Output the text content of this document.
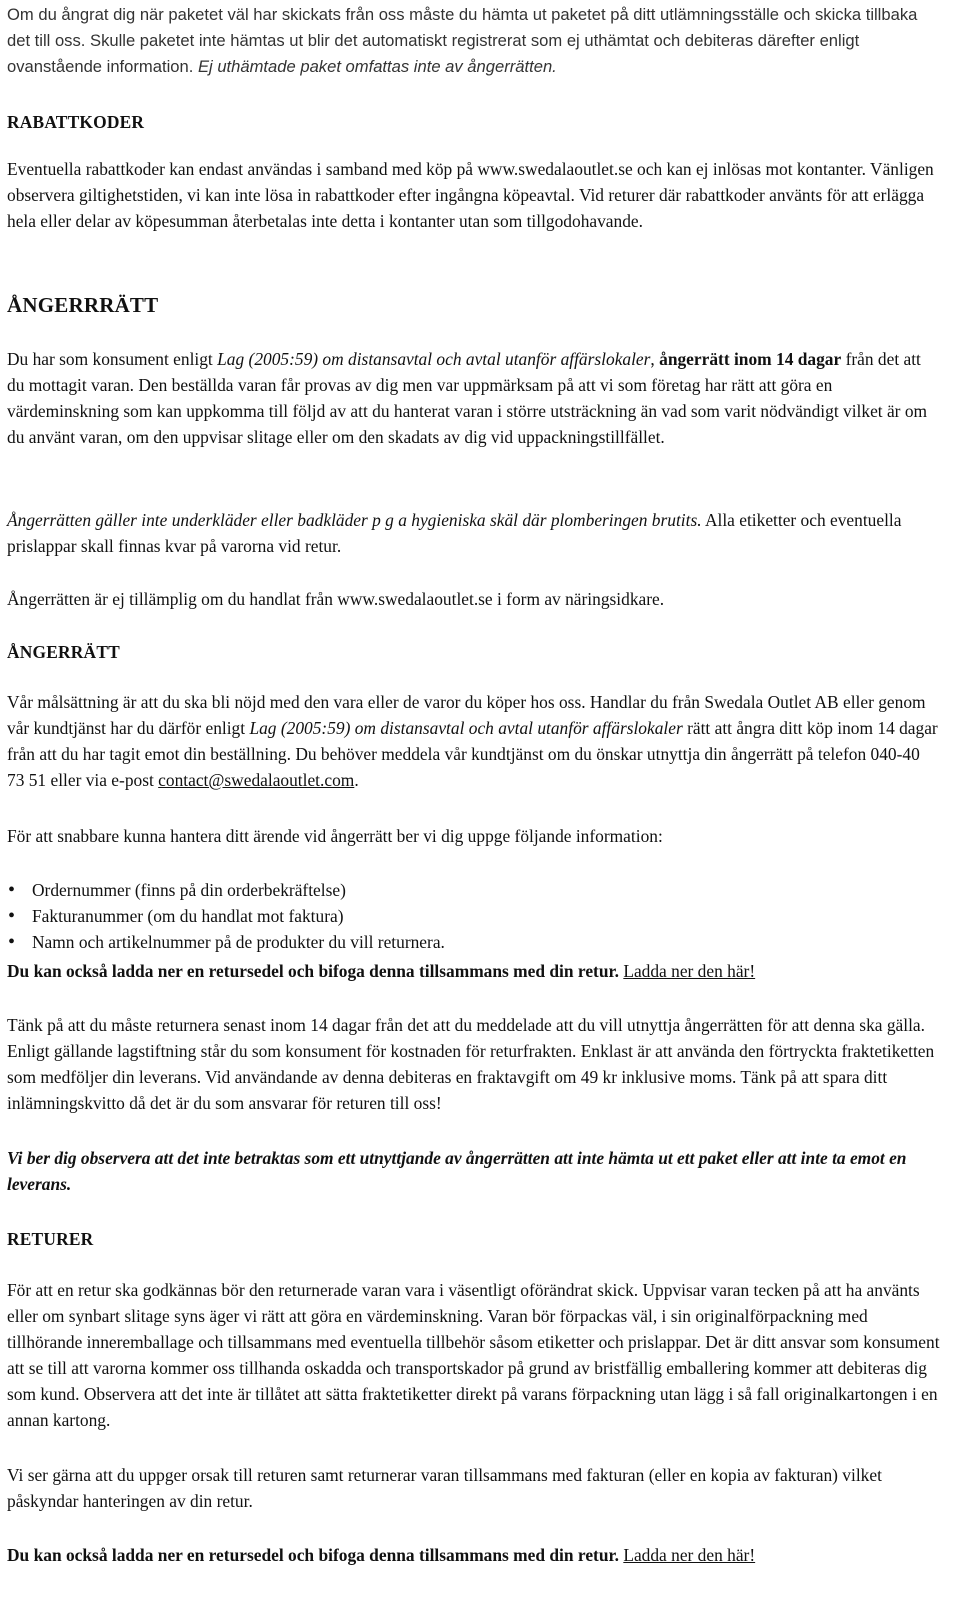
Om du ångrat dig när paketet väl har skickats från oss måste du hämta ut paketet på ditt utlämningsställe och skicka tillbaka det till oss. Skulle paketet inte hämtas ut blir det automatiskt registrerat som ej uthämtat och debiteras därefter enligt ovanstående information. Ej uthämtade paket omfattas inte av ångerrätten.

RABATTKODER

Eventuella rabattkoder kan endast användas i samband med köp på www.swedalaoutlet.se och kan ej inlösas mot kontanter. Vänligen observera giltighetstiden, vi kan inte lösa in rabattkoder efter ingångna köpeavtal. Vid returer där rabattkoder använts för att erlägga hela eller delar av köpesumman återbetalas inte detta i kontanter utan som tillgodohavande.

ÅNGERRRÄTT

Du har som konsument enligt Lag (2005:59) om distansavtal och avtal utanför affärslokaler, ångerrätt inom 14 dagar från det att du mottagit varan. Den beställda varan får provas av dig men var uppmärksam på att vi som företag har rätt att göra en värdeminskning som kan uppkomma till följd av att du hanterat varan i större utsträckning än vad som varit nödvändigt vilket är om du använt varan, om den uppvisar slitage eller om den skadats av dig vid uppackningstillfället.

Ångerrätten gäller inte underkläder eller badkläder p g a hygieniska skäl där plomberingen brutits. Alla etiketter och eventuella prislappar skall finnas kvar på varorna vid retur.

Ångerrätten är ej tillämplig om du handlat från www.swedalaoutlet.se i form av näringsidkare.

ÅNGERRÄTT

Vår målsättning är att du ska bli nöjd med den vara eller de varor du köper hos oss. Handlar du från Swedala Outlet AB eller genom vår kundtjänst har du därför enligt Lag (2005:59) om distansavtal och avtal utanför affärslokaler rätt att ångra ditt köp inom 14 dagar från att du har tagit emot din beställning. Du behöver meddela vår kundtjänst om du önskar utnyttja din ångerrätt på telefon 040-40 73 51 eller via e-post contact@swedalaoutlet.com.

För att snabbare kunna hantera ditt ärende vid ångerrätt ber vi dig uppge följande information:

• Ordernummer (finns på din orderbekräftelse)
• Fakturanummer (om du handlat mot faktura)
• Namn och artikelnummer på de produkter du vill returnera.

Du kan också ladda ner en retursedel och bifoga denna tillsammans med din retur. Ladda ner den här!

Tänk på att du måste returnera senast inom 14 dagar från det att du meddelade att du vill utnyttja ångerrätten för att denna ska gälla. Enligt gällande lagstiftning står du som konsument för kostnaden för returfrakten. Enklast är att använda den förtryckta fraktetiketten som medföljer din leverans. Vid användande av denna debiteras en fraktavgift om 49 kr inklusive moms. Tänk på att spara ditt inlämningskvitto då det är du som ansvarar för returen till oss!

Vi ber dig observera att det inte betraktas som ett utnyttjande av ångerrätten att inte hämta ut ett paket eller att inte ta emot en leverans.

RETURER

För att en retur ska godkännas bör den returnerade varan vara i väsentligt oförändrat skick. Uppvisar varan tecken på att ha använts eller om synbart slitage syns äger vi rätt att göra en värdeminskning. Varan bör förpackas väl, i sin originalförpackning med tillhörande inneremballage och tillsammans med eventuella tillbehör såsom etiketter och prislappar. Det är ditt ansvar som konsument att se till att varorna kommer oss tillhanda oskadda och transportskador på grund av bristfällig emballering kommer att debiteras dig som kund. Observera att det inte är tillåtet att sätta fraktetiketter direkt på varans förpackning utan lägg i så fall originalkartongen i en annan kartong.

Vi ser gärna att du uppger orsak till returen samt returnerar varan tillsammans med fakturan (eller en kopia av fakturan) vilket påskyndar hanteringen av din retur.

Du kan också ladda ner en retursedel och bifoga denna tillsammans med din retur. Ladda ner den här!
